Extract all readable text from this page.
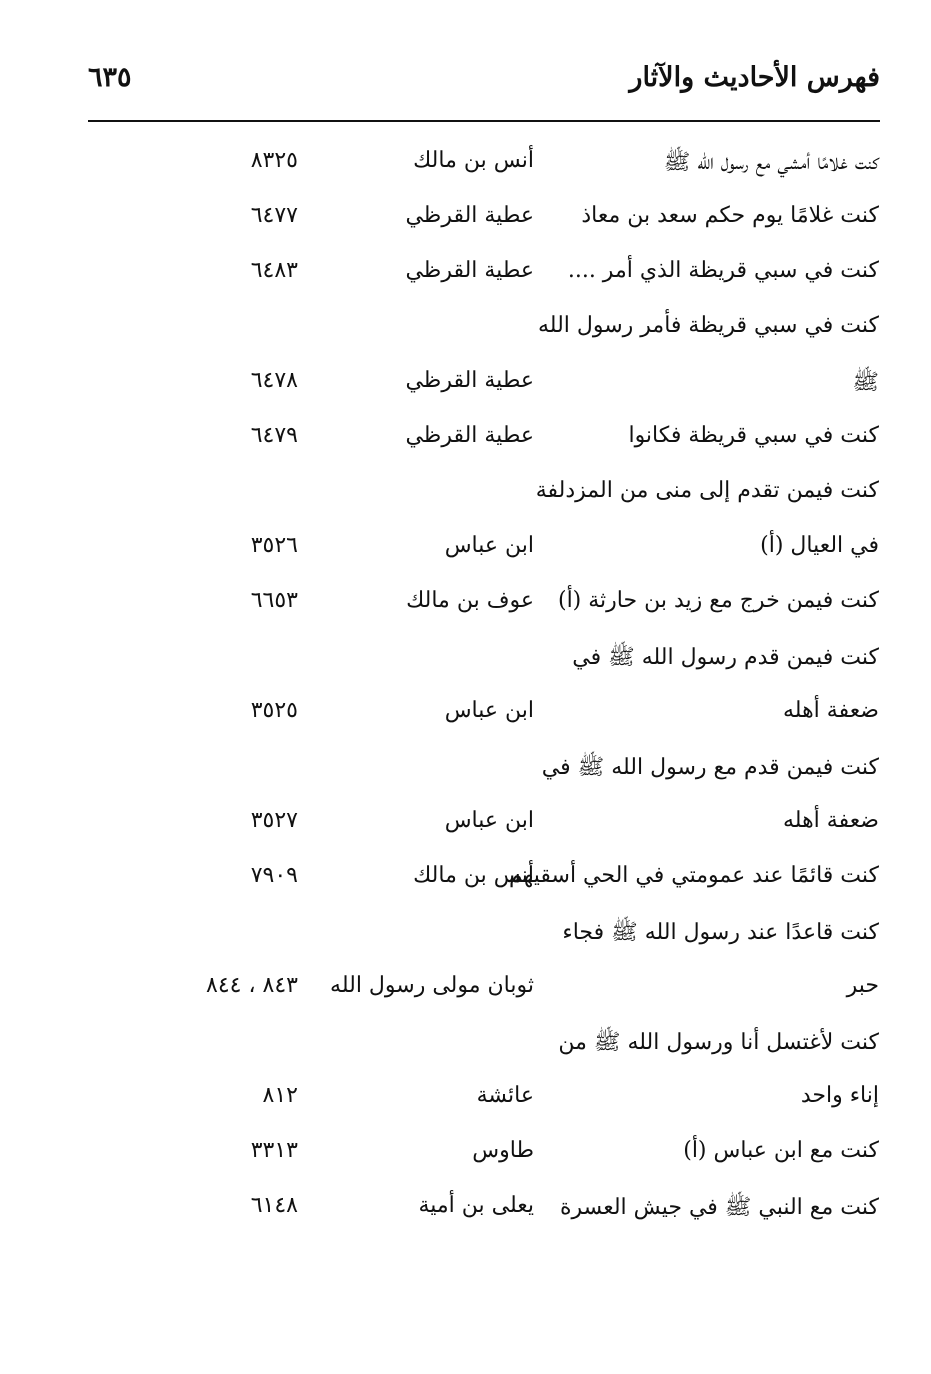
فهرس الأحاديث والآثار
٦٣٥
كنت غلامًا أمشي مع رسول الله ﷺ
أنس بن مالك
٨٣٢٥
كنت غلامًا يوم حكم سعد بن معاذ
عطية القرظي
٦٤٧٧
كنت في سبي قريظة الذي أمر ....
عطية القرظي
٦٤٨٣
كنت في سبي قريظة فأمر رسول الله
ﷺ
عطية القرظي
٦٤٧٨
كنت في سبي قريظة فكانوا
عطية القرظي
٦٤٧٩
كنت فيمن تقدم إلى منى من المزدلفة
في العيال (أ)
ابن عباس
٣٥٢٦
كنت فيمن خرج مع زيد بن حارثة (أ)
عوف بن مالك
٦٦٥٣
كنت فيمن قدم رسول الله ﷺ في
ضعفة أهله
ابن عباس
٣٥٢٥
كنت فيمن قدم مع رسول الله ﷺ في
ضعفة أهله
ابن عباس
٣٥٢٧
كنت قائمًا عند عمومتي في الحي أسقيهم
أنس بن مالك
٧٩٠٩
كنت قاعدًا عند رسول الله ﷺ فجاء
حبر
ثوبان مولى رسول الله
٨٤٣ ، ٨٤٤
كنت لأغتسل أنا ورسول الله ﷺ من
إناء واحد
عائشة
٨١٢
كنت مع ابن عباس (أ)
طاوس
٣٣١٣
كنت مع النبي ﷺ في جيش العسرة
يعلى بن أمية
٦١٤٨
